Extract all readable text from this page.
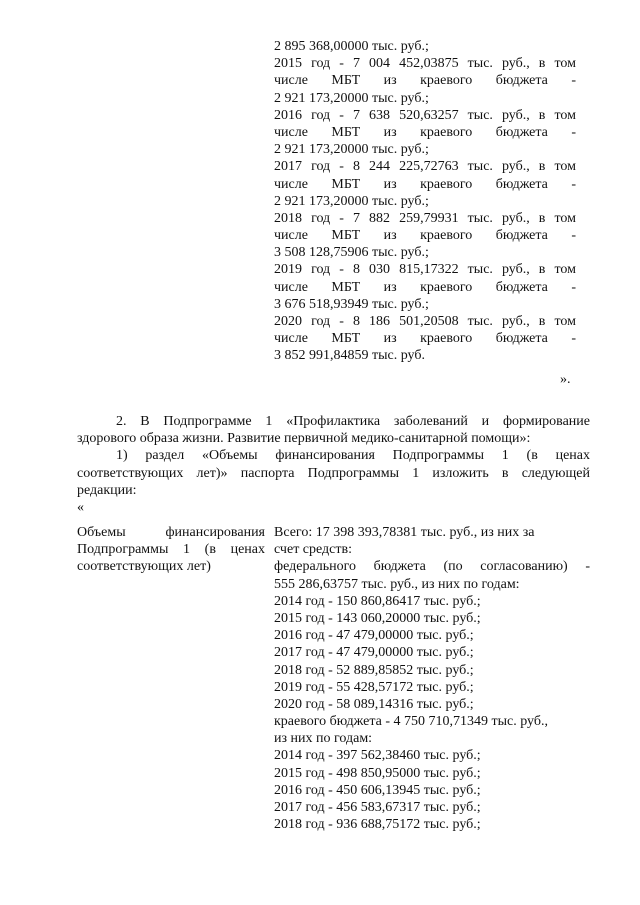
2 895 368,00000 тыс. руб.;
2015 год - 7 004 452,03875 тыс. руб., в том
числе МБТ из краевого бюджета -
2 921 173,20000 тыс. руб.;
2016 год - 7 638 520,63257 тыс. руб., в том
числе МБТ из краевого бюджета -
2 921 173,20000 тыс. руб.;
2017 год - 8 244 225,72763 тыс. руб., в том
числе МБТ из краевого бюджета -
2 921 173,20000 тыс. руб.;
2018 год - 7 882 259,79931 тыс. руб., в том
числе МБТ из краевого бюджета -
3 508 128,75906 тыс. руб.;
2019 год - 8 030 815,17322 тыс. руб., в том
числе МБТ из краевого бюджета -
3 676 518,93949 тыс. руб.;
2020 год - 8 186 501,20508 тыс. руб., в том
числе МБТ из краевого бюджета -
3 852 991,84859 тыс. руб.
».
2. В Подпрограмме 1 «Профилактика заболеваний и формирование
здорового образа жизни. Развитие первичной медико-санитарной помощи»:
1) раздел «Объемы финансирования Подпрограммы 1 (в ценах
соответствующих лет)» паспорта Подпрограммы 1 изложить в следующей
редакции:
«
Объемы финансирования
Подпрограммы 1 (в ценах
соответствующих лет)
Всего: 17 398 393,78381 тыс. руб., из них за
счет средств:
федерального бюджета (по согласованию) -
555 286,63757 тыс. руб., из них по годам:
2014 год - 150 860,86417 тыс. руб.;
2015 год - 143 060,20000 тыс. руб.;
2016 год - 47 479,00000 тыс. руб.;
2017 год - 47 479,00000 тыс. руб.;
2018 год - 52 889,85852 тыс. руб.;
2019 год - 55 428,57172 тыс. руб.;
2020 год - 58 089,14316 тыс. руб.;
краевого бюджета - 4 750 710,71349 тыс. руб.,
из них по годам:
2014 год - 397 562,38460 тыс. руб.;
2015 год - 498 850,95000 тыс. руб.;
2016 год - 450 606,13945 тыс. руб.;
2017 год - 456 583,67317 тыс. руб.;
2018 год - 936 688,75172 тыс. руб.;
